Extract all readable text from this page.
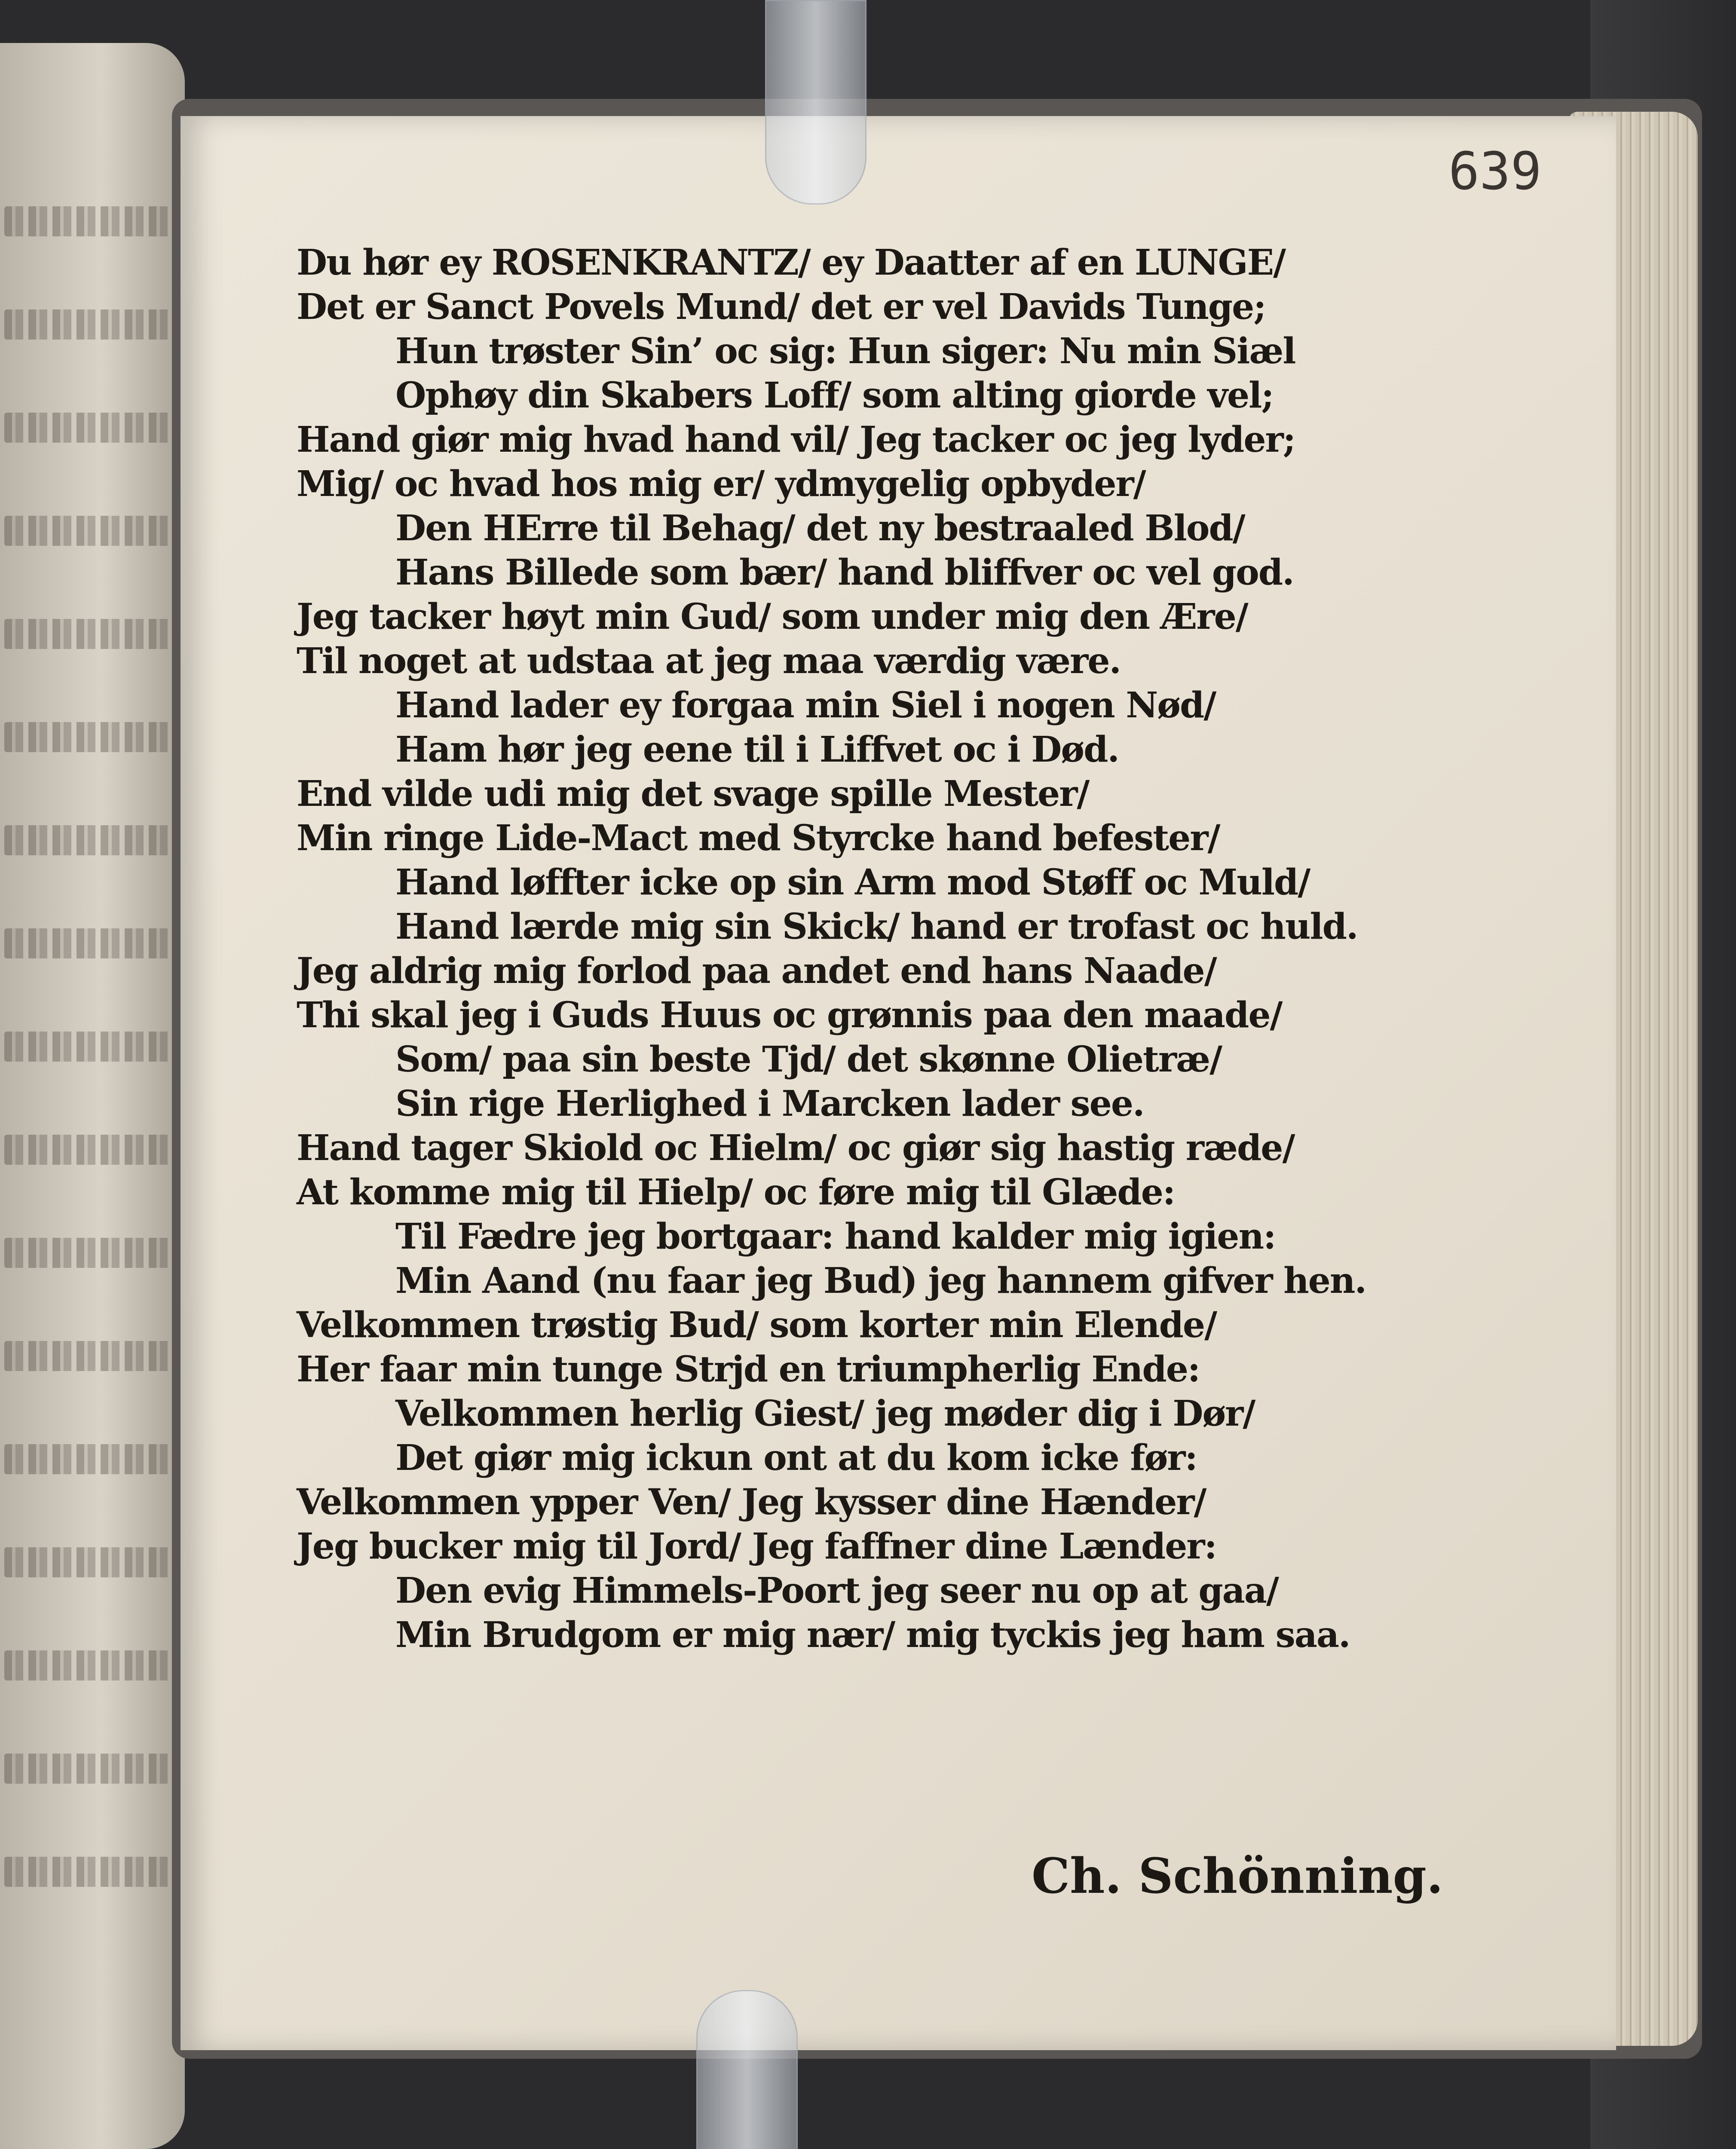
639
Du hør ey ROSENKRANTZ/ ey Daatter af en LUNGE/
Det er Sanct Povels Mund/ det er vel Davids Tunge;
Hun trøster Sin’ oc sig: Hun siger: Nu min Siæl
Ophøy din Skabers Loff/ som alting giorde vel;
Hand giør mig hvad hand vil/ Jeg tacker oc jeg lyder;
Mig/ oc hvad hos mig er/ ydmygelig opbyder/
Den HErre til Behag/ det ny bestraaled Blod/
Hans Billede som bær/ hand bliffver oc vel god.
Jeg tacker høyt min Gud/ som under mig den Ære/
Til noget at udstaa at jeg maa værdig være.
Hand lader ey forgaa min Siel i nogen Nød/
Ham hør jeg eene til i Liffvet oc i Død.
End vilde udi mig det svage spille Mester/
Min ringe Lide-Mact med Styrcke hand befester/
Hand løffter icke op sin Arm mod Støff oc Muld/
Hand lærde mig sin Skick/ hand er trofast oc huld.
Jeg aldrig mig forlod paa andet end hans Naade/
Thi skal jeg i Guds Huus oc grønnis paa den maade/
Som/ paa sin beste Tjd/ det skønne Olietræ/
Sin rige Herlighed i Marcken lader see.
Hand tager Skiold oc Hielm/ oc giør sig hastig ræde/
At komme mig til Hielp/ oc føre mig til Glæde:
Til Fædre jeg bortgaar: hand kalder mig igien:
Min Aand (nu faar jeg Bud) jeg hannem gifver hen.
Velkommen trøstig Bud/ som korter min Elende/
Her faar min tunge Strjd en triumpherlig Ende:
Velkommen herlig Giest/ jeg møder dig i Dør/
Det giør mig ickun ont at du kom icke før:
Velkommen ypper Ven/ Jeg kysser dine Hænder/
Jeg bucker mig til Jord/ Jeg faffner dine Lænder:
Den evig Himmels-Poort jeg seer nu op at gaa/
Min Brudgom er mig nær/ mig tyckis jeg ham saa.
Ch. Schönning.
